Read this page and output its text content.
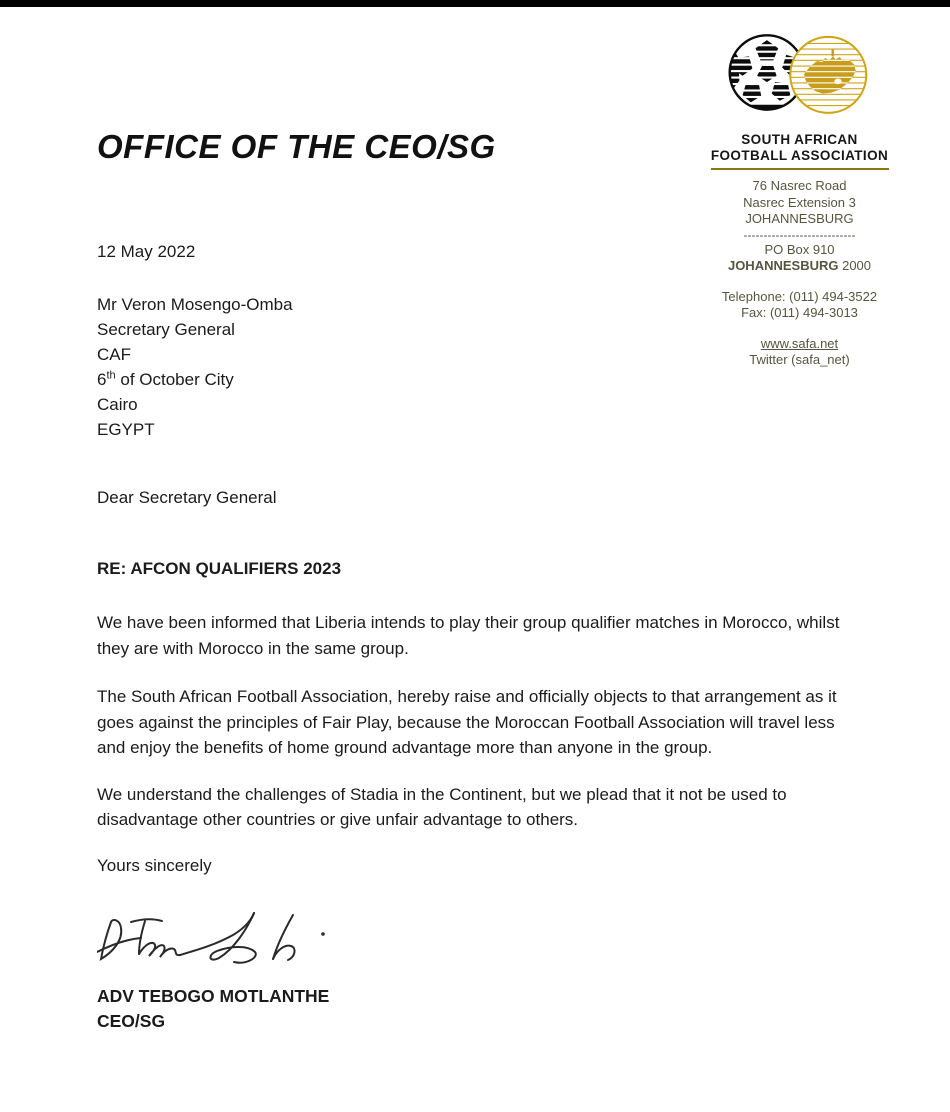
SOUTH AFRICAN
FOOTBALL ASSOCIATION
76 Nasrec Road
Nasrec Extension 3
JOHANNESBURG
----------------------------
PO Box 910
JOHANNESBURG 2000
Telephone: (011) 494-3522
Fax: (011) 494-3013
www.safa.net
Twitter (safa_net)
OFFICE OF THE CEO/SG

12 May 2022

Mr Veron Mosengo-Omba
Secretary General
CAF
6th of October City
Cairo
EGYPT

Dear Secretary General

RE: AFCON QUALIFIERS 2023

We have been informed that Liberia intends to play their group qualifier matches in Morocco, whilst they are with Morocco in the same group.

The South African Football Association, hereby raise and officially objects to that arrangement as it goes against the principles of Fair Play, because the Moroccan Football Association will travel less and enjoy the benefits of home ground advantage more than anyone in the group.

We understand the challenges of Stadia in the Continent, but we plead that it not be used to disadvantage other countries or give unfair advantage to others.

Yours sincerely

ADV TEBOGO MOTLANTHE

CEO/SG
